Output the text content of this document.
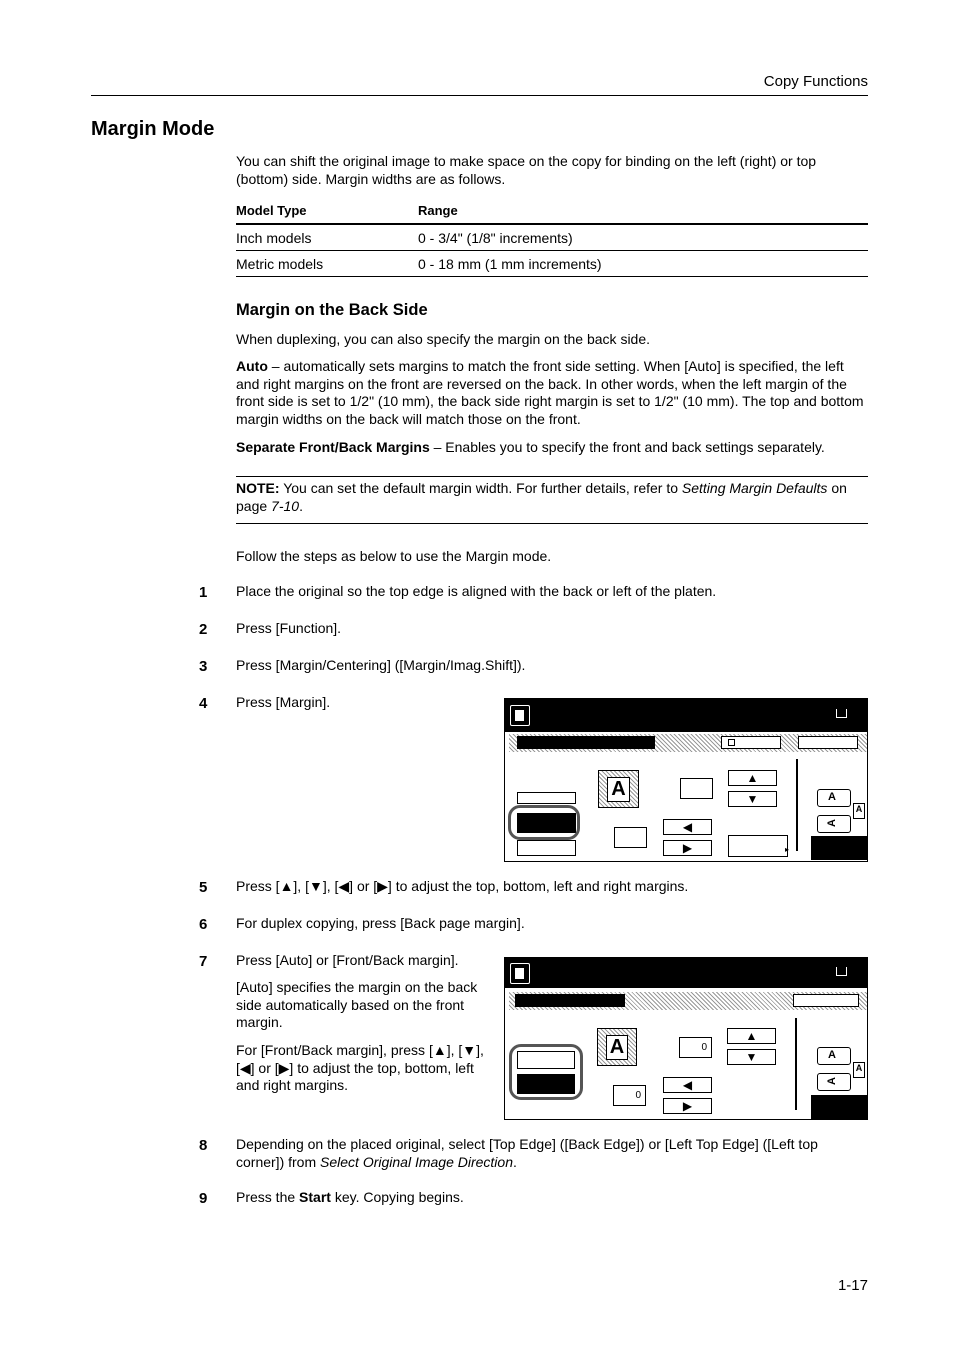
Copy Functions
Margin Mode
You can shift the original image to make space on the copy for binding on the left (right) or top (bottom) side. Margin widths are as follows.
Model Type	Range
Inch models	0 - 3/4" (1/8" increments)
Metric models	0 - 18 mm (1 mm increments)
Margin on the Back Side
When duplexing, you can also specify the margin on the back side.
Auto – automatically sets margins to match the front side setting. When [Auto] is specified, the left and right margins on the front are reversed on the back. In other words, when the left margin of the front side is set to 1/2" (10 mm), the back side right margin is set to 1/2" (10 mm). The top and bottom margin widths on the back will match those on the front.
Separate Front/Back Margins – Enables you to specify the front and back settings separately.
NOTE: You can set the default margin width. For further details, refer to Setting Margin Defaults on page 7-10.
Follow the steps as below to use the Margin mode.
1 Place the original so the top edge is aligned with the back or left of the platen.
2 Press [Function].
3 Press [Margin/Centering] ([Margin/Imag.Shift]).
4 Press [Margin].
A	▲
▼
◀
▶	▸
A
A
A
5 Press [▲], [▼], [◀] or [▶] to adjust the top, bottom, left and right margins.
6 For duplex copying, press [Back page margin].
7 Press [Auto] or [Front/Back margin].
[Auto] specifies the margin on the back side automatically based on the front margin.
For [Front/Back margin], press [▲], [▼], [◀] or [▶] to adjust the top, bottom, left and right margins.
A
0
0
▲
▼
◀
▶
A
A
A
8 Depending on the placed original, select [Top Edge] ([Back Edge]) or [Left Top Edge] ([Left top corner]) from Select Original Image Direction.
9 Press the Start key. Copying begins.
1-17
